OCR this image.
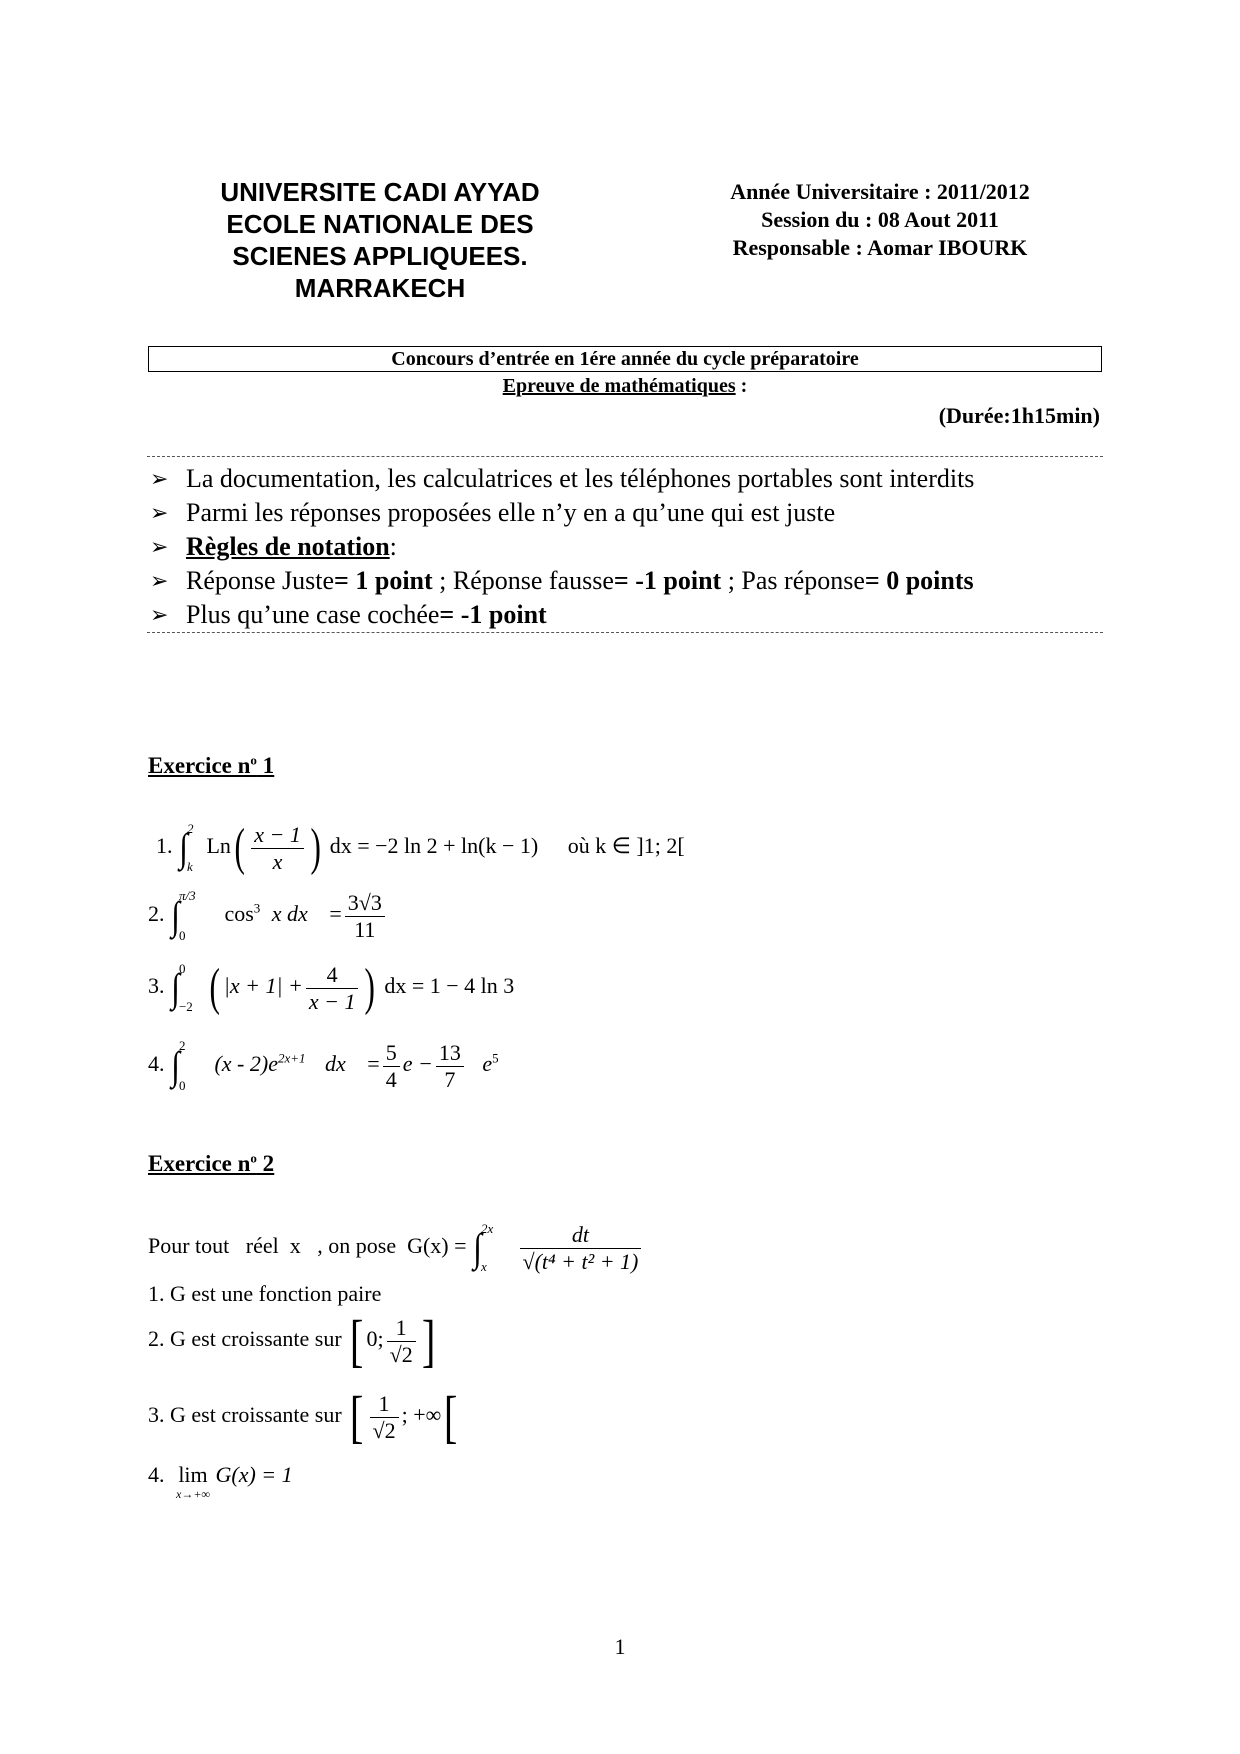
UNIVERSITE CADI AYYAD
ECOLE NATIONALE DES
SCIENES APPLIQUEES.
MARRAKECH
Année Universitaire : 2011/2012
Session du : 08 Aout 2011
Responsable : Aomar IBOURK
Concours d’entrée en 1ére année du cycle préparatoire
Epreuve de mathématiques :
(Durée:1h15min)
➢ La documentation, les calculatrices et les téléphones portables sont interdits
➢ Parmi les réponses proposées elle n’y en a qu’une qui est juste
➢ Règles de notation :
➢ Réponse Juste = 1 point ; Réponse fausse = -1 point ; Pas réponse = 0 points
➢ Plus qu’une case cochée = -1 point
Exercice $n^o$ 1
1. ∫ 2
k
$Ln( \frac{x - 1}{x}$ ) dx = −2 ln 2 + ln(k − 1) où k ∈ ]1; 2[
2. ∫ π/3
0
$\cos^3 x$ dx = $\frac{3√3}{11}$
3. ∫ 0
−2 ( $|x + 1| + \frac{4}{x - 1}$ ) dx = 1 − 4 ln 3
4. ∫ 2
0
$(x - 2)e^{2x+1}$ dx = $\frac{5}{4}$ $e - \frac{13}{7} e^5$
Exercice $n^o$ 2
Pour tout   réel  x   , on pose  G(x) = ∫ 2x
x
	$\frac{dt}{\text{√(t⁴ + t² + 1)}}$
1. G est une fonction paire
2. G est croissante sur [ 0; $\frac{1}{√2}$ ]
3. G est croissante sur [ $\frac{1}{√2}$ ; +∞[
4. lim
x→+∞
G(x) = 1
1
